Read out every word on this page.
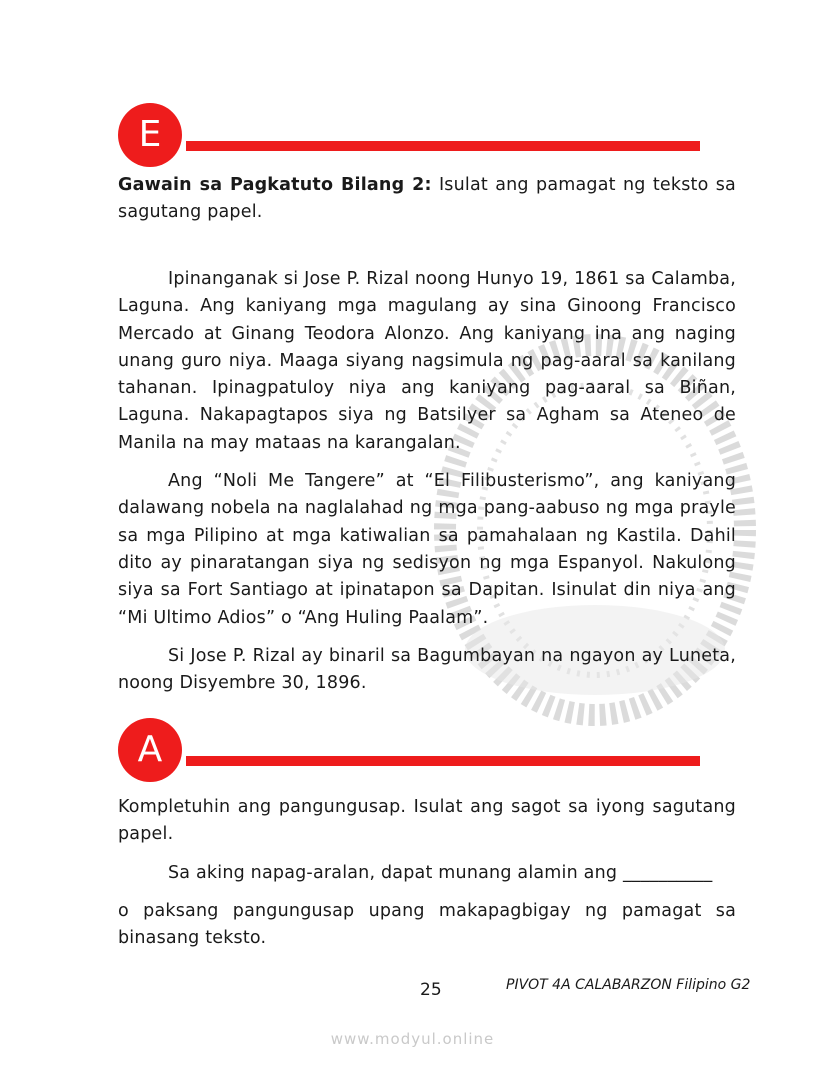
E
Gawain sa Pagkatuto Bilang 2: Isulat ang pamagat ng teksto sa sagutang papel.

Ipinanganak si Jose P. Rizal noong Hunyo 19, 1861 sa Calamba, Laguna. Ang kaniyang mga magulang ay sina Ginoong Francisco Mercado at Ginang Teodora Alonzo. Ang kaniyang ina ang naging unang guro niya. Maaga siyang nagsimula ng pag-aaral sa kanilang tahanan. Ipinagpatuloy niya ang kaniyang pag-aaral sa Biñan, Laguna. Nakapagtapos siya ng Batsilyer sa Agham sa Ateneo de Manila na may mataas na karangalan.

Ang “Noli Me Tangere” at “El Filibusterismo”, ang kaniyang dalawang nobela na naglalahad ng mga pang-aabuso ng mga prayle sa mga Pilipino at mga katiwalian sa pamahalaan ng Kastila. Dahil dito ay pinaratangan siya ng sedisyon ng mga Espanyol. Nakulong siya sa Fort Santiago at ipinatapon sa Dapitan. Isinulat din niya ang “Mi Ultimo Adios” o “Ang Huling Paalam”.

Si Jose P. Rizal ay binaril sa Bagumbayan na ngayon ay Luneta, noong Disyembre 30, 1896.

A

Kompletuhin ang pangungusap. Isulat ang sagot sa iyong sagutang papel.

Sa aking napag-aralan, dapat munang alamin ang __________

o paksang pangungusap upang makapagbigay ng pamagat sa binasang teksto.

25	PIVOT 4A CALABARZON Filipino G2
www.modyul.online
